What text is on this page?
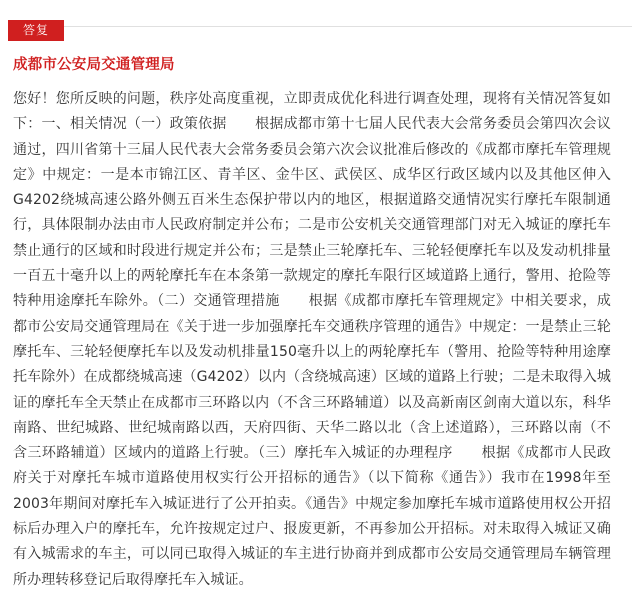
答复
成都市公安局交通管理局

您好！您所反映的问题，秩序处高度重视，立即责成优化科进行调查处理，现将有关情况答复如下：一、相关情况（一）政策依据　　根据成都市第十七届人民代表大会常务委员会第四次会议通过，四川省第十三届人民代表大会常务委员会第六次会议批准后修改的《成都市摩托车管理规定》中规定：一是本市锦江区、青羊区、金牛区、武侯区、成华区行政区域内以及其他区伸入G4202绕城高速公路外侧五百米生态保护带以内的地区，根据道路交通情况实行摩托车限制通行，具体限制办法由市人民政府制定并公布；二是市公安机关交通管理部门对无入城证的摩托车禁止通行的区域和时段进行规定并公布；三是禁止三轮摩托车、三轮轻便摩托车以及发动机排量一百五十毫升以上的两轮摩托车在本条第一款规定的摩托车限行区域道路上通行，警用、抢险等特种用途摩托车除外。（二）交通管理措施　　根据《成都市摩托车管理规定》中相关要求，成都市公安局交通管理局在《关于进一步加强摩托车交通秩序管理的通告》中规定：一是禁止三轮摩托车、三轮轻便摩托车以及发动机排量150毫升以上的两轮摩托车（警用、抢险等特种用途摩托车除外）在成都绕城高速（G4202）以内（含绕城高速）区域的道路上行驶；二是未取得入城证的摩托车全天禁止在成都市三环路以内（不含三环路辅道）以及高新南区剑南大道以东，科华南路、世纪城路、世纪城南路以西，天府四街、天华二路以北（含上述道路），三环路以南（不含三环路辅道）区域内的道路上行驶。（三）摩托车入城证的办理程序　　根据《成都市人民政府关于对摩托车城市道路使用权实行公开招标的通告》（以下简称《通告》）我市在1998年至2003年期间对摩托车入城证进行了公开拍卖。《通告》中规定参加摩托车城市道路使用权公开招标后办理入户的摩托车，允许按规定过户、报废更新，不再参加公开招标。对未取得入城证又确有入城需求的车主，可以同已取得入城证的车主进行协商并到成都市公安局交通管理局车辆管理所办理转移登记后取得摩托车入城证。
